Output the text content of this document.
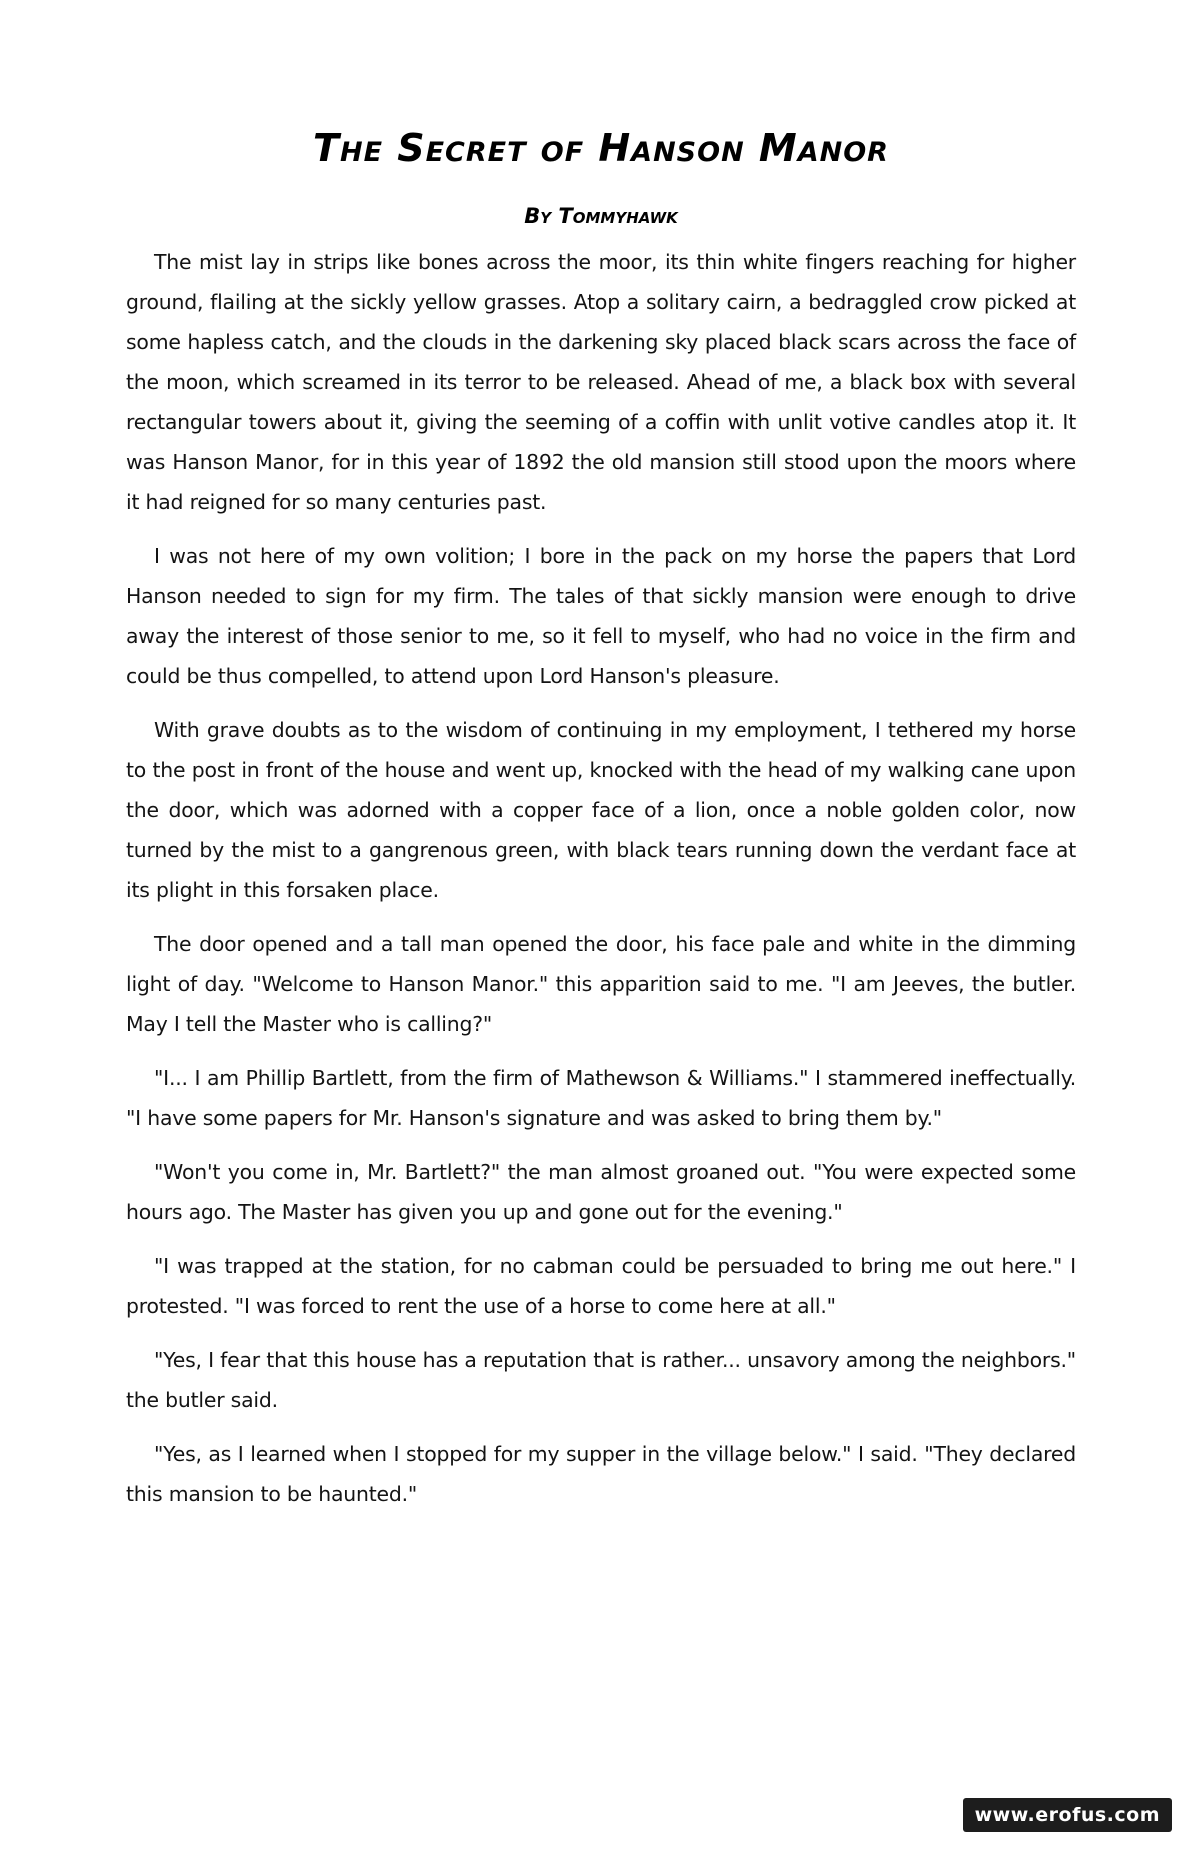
The Secret of Hanson Manor
By Tommyhawk

The mist lay in strips like bones across the moor, its thin white fingers reaching for higher ground, flailing at the sickly yellow grasses. Atop a solitary cairn, a bedraggled crow picked at some hapless catch, and the clouds in the darkening sky placed black scars across the face of the moon, which screamed in its terror to be released. Ahead of me, a black box with several rectangular towers about it, giving the seeming of a coffin with unlit votive candles atop it. It was Hanson Manor, for in this year of 1892 the old mansion still stood upon the moors where it had reigned for so many centuries past.

I was not here of my own volition; I bore in the pack on my horse the papers that Lord Hanson needed to sign for my firm. The tales of that sickly mansion were enough to drive away the interest of those senior to me, so it fell to myself, who had no voice in the firm and could be thus compelled, to attend upon Lord Hanson's pleasure.

With grave doubts as to the wisdom of continuing in my employment, I tethered my horse to the post in front of the house and went up, knocked with the head of my walking cane upon the door, which was adorned with a copper face of a lion, once a noble golden color, now turned by the mist to a gangrenous green, with black tears running down the verdant face at its plight in this forsaken place.

The door opened and a tall man opened the door, his face pale and white in the dimming light of day. "Welcome to Hanson Manor." this apparition said to me. "I am Jeeves, the butler. May I tell the Master who is calling?"

"I... I am Phillip Bartlett, from the firm of Mathewson & Williams." I stammered ineffectually. "I have some papers for Mr. Hanson's signature and was asked to bring them by."

"Won't you come in, Mr. Bartlett?" the man almost groaned out. "You were expected some hours ago. The Master has given you up and gone out for the evening."

"I was trapped at the station, for no cabman could be persuaded to bring me out here." I protested. "I was forced to rent the use of a horse to come here at all."

"Yes, I fear that this house has a reputation that is rather... unsavory among the neighbors." the butler said.

"Yes, as I learned when I stopped for my supper in the village below." I said. "They declared this mansion to be haunted."

www.erofus.com
